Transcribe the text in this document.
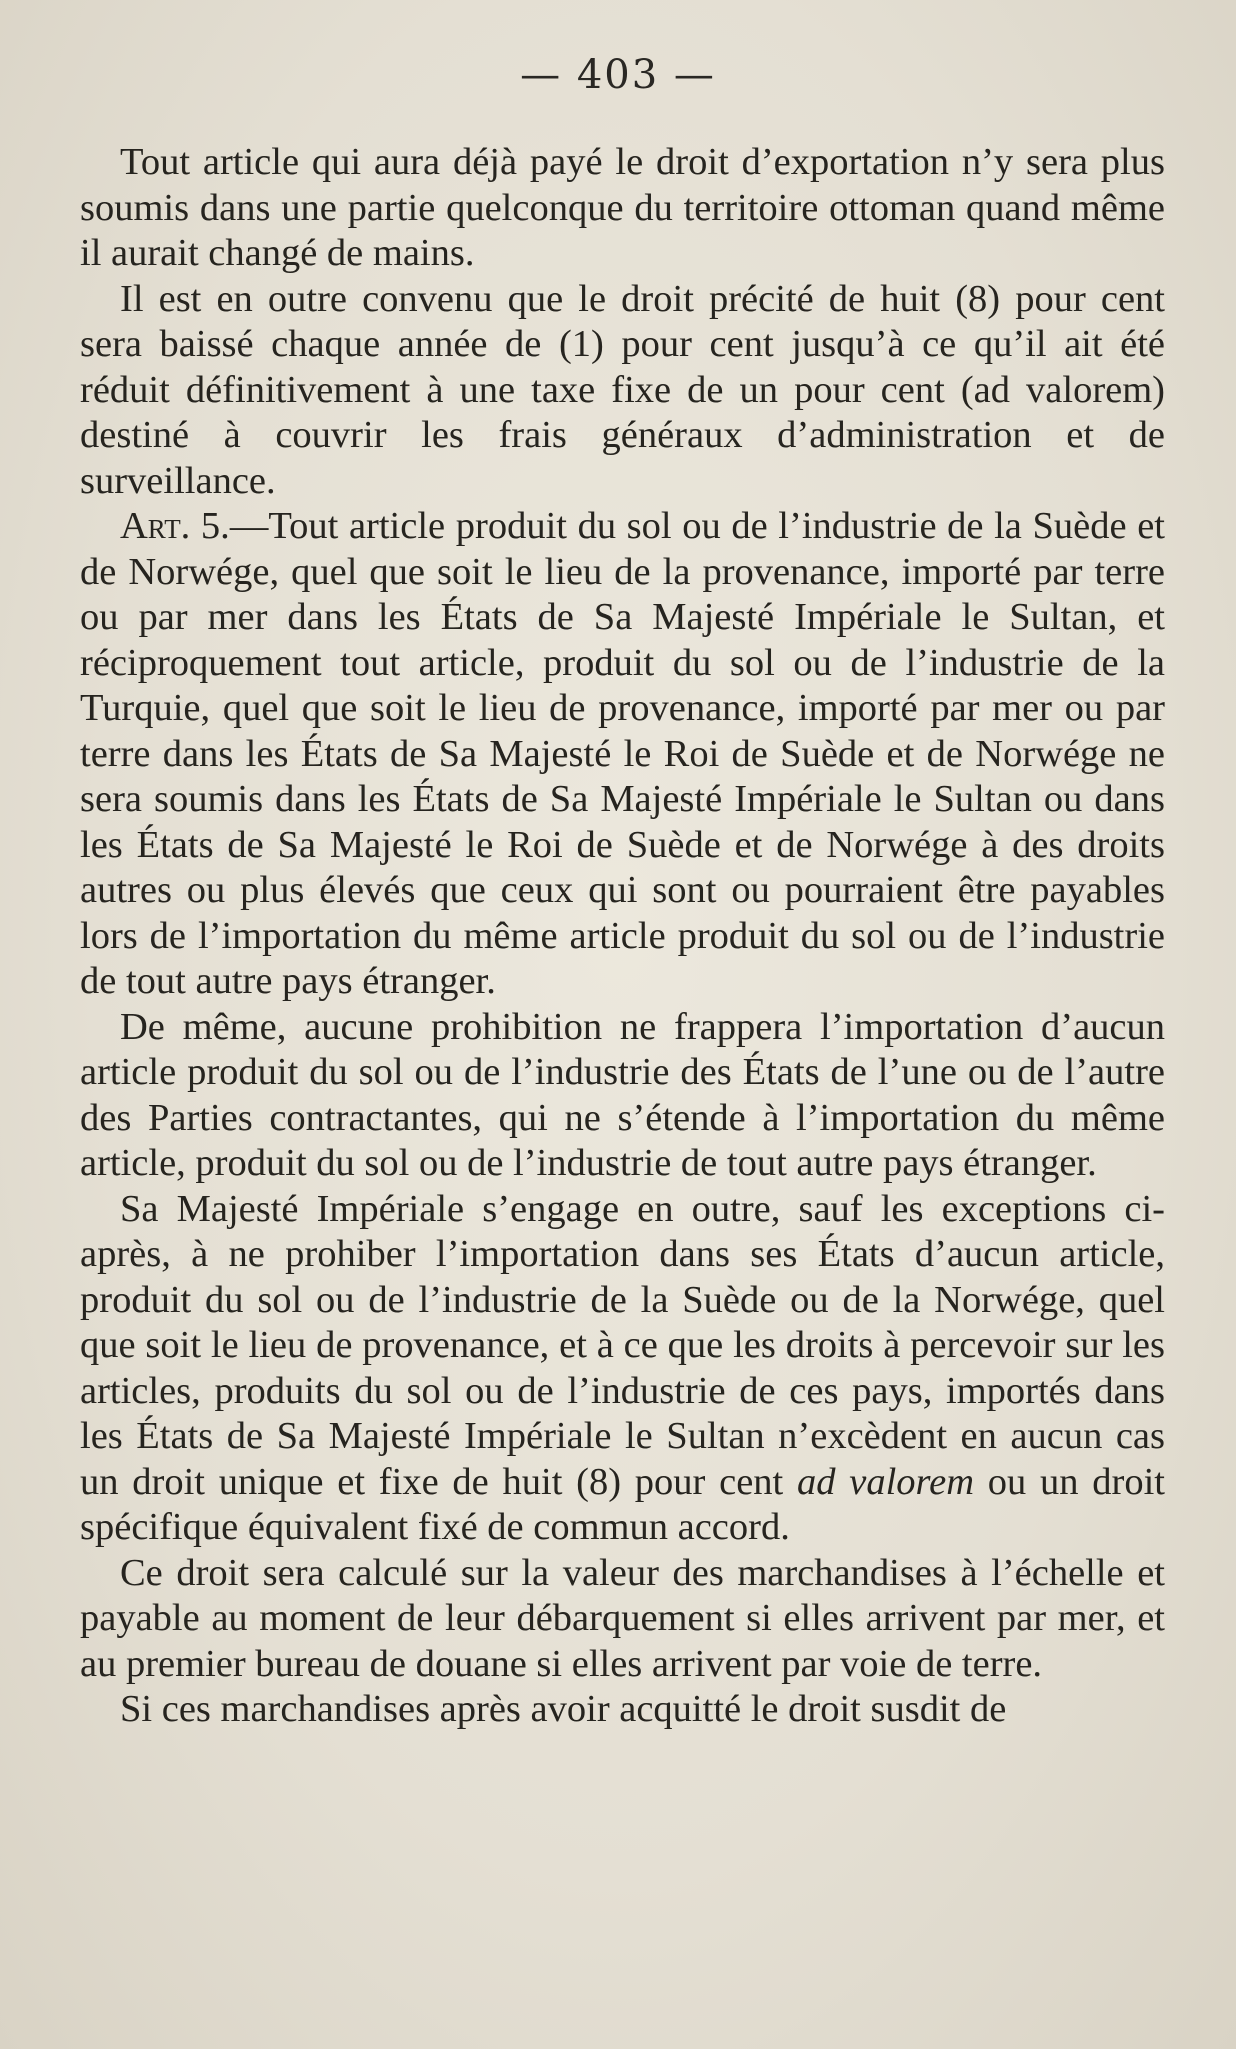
— 403 —

Tout article qui aura déjà payé le droit d’exportation n’y sera plus soumis dans une partie quelconque du territoire ottoman quand même il aurait changé de mains.

Il est en outre convenu que le droit précité de huit (8) pour cent sera baissé chaque année de (1) pour cent jusqu’à ce qu’il ait été réduit définitivement à une taxe fixe de un pour cent (ad valorem) destiné à couvrir les frais généraux d’administration et de surveillance.

Art. 5.—Tout article produit du sol ou de l’industrie de la Suède et de Norwége, quel que soit le lieu de la provenance, importé par terre ou par mer dans les États de Sa Majesté Impériale le Sultan, et réciproquement tout article, produit du sol ou de l’industrie de la Turquie, quel que soit le lieu de provenance, importé par mer ou par terre dans les États de Sa Majesté le Roi de Suède et de Norwége ne sera soumis dans les États de Sa Majesté Impériale le Sultan ou dans les États de Sa Majesté le Roi de Suède et de Norwége à des droits autres ou plus élevés que ceux qui sont ou pourraient être payables lors de l’importation du même article produit du sol ou de l’industrie de tout autre pays étranger.

De même, aucune prohibition ne frappera l’importation d’aucun article produit du sol ou de l’industrie des États de l’une ou de l’autre des Parties contractantes, qui ne s’étende à l’importation du même article, produit du sol ou de l’industrie de tout autre pays étranger.

Sa Majesté Impériale s’engage en outre, sauf les exceptions ci-après, à ne prohiber l’importation dans ses États d’aucun article, produit du sol ou de l’industrie de la Suède ou de la Norwége, quel que soit le lieu de provenance, et à ce que les droits à percevoir sur les articles, produits du sol ou de l’industrie de ces pays, importés dans les États de Sa Majesté Impériale le Sultan n’excèdent en aucun cas un droit unique et fixe de huit (8) pour cent ad valorem ou un droit spécifique équivalent fixé de commun accord.

Ce droit sera calculé sur la valeur des marchandises à l’échelle et payable au moment de leur débarquement si elles arrivent par mer, et au premier bureau de douane si elles arrivent par voie de terre.

Si ces marchandises après avoir acquitté le droit susdit de
